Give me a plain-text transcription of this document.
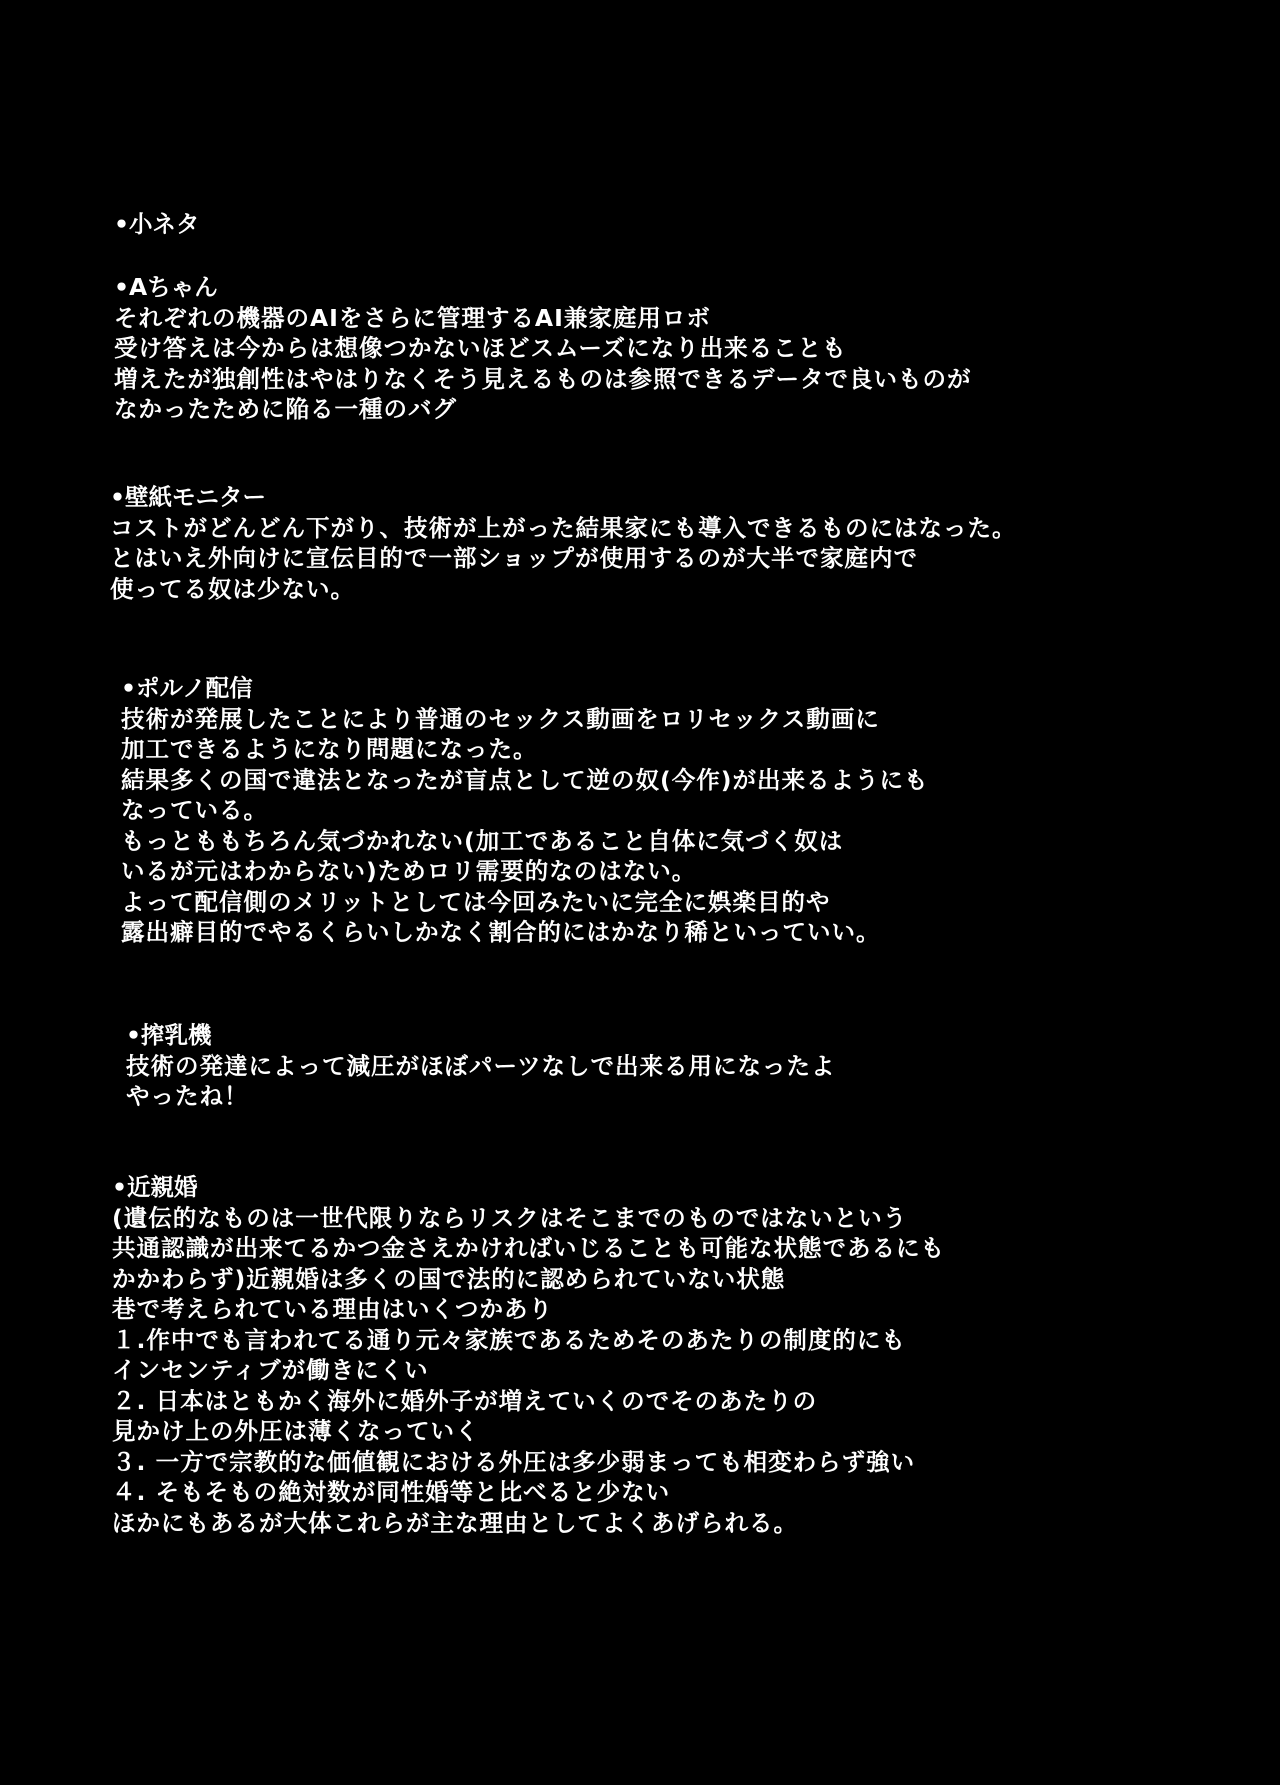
•小ネタ
•Aちゃん
それぞれの機器のAIをさらに管理するAI兼家庭用ロボ
受け答えは今からは想像つかないほどスムーズになり出来ることも
増えたが独創性はやはりなくそう見えるものは参照できるデータで良いものが
なかったために陥る一種のバグ
•壁紙モニター
コストがどんどん下がり、技術が上がった結果家にも導入できるものにはなった。
とはいえ外向けに宣伝目的で一部ショップが使用するのが大半で家庭内で
使ってる奴は少ない。
•ポルノ配信
技術が発展したことにより普通のセックス動画をロリセックス動画に
加工できるようになり問題になった。
結果多くの国で違法となったが盲点として逆の奴(今作)が出来るようにも
なっている。
もっとももちろん気づかれない(加工であること自体に気づく奴は
いるが元はわからない)ためロリ需要的なのはない。
よって配信側のメリットとしては今回みたいに完全に娯楽目的や
露出癖目的でやるくらいしかなく割合的にはかなり稀といっていい。
•搾乳機
技術の発達によって減圧がほぼパーツなしで出来る用になったよ
やったね！
•近親婚
(遺伝的なものは一世代限りならリスクはそこまでのものではないという
共通認識が出来てるかつ金さえかければいじることも可能な状態であるにも
かかわらず)近親婚は多くの国で法的に認められていない状態
巷で考えられている理由はいくつかあり
１.作中でも言われてる通り元々家族であるためそのあたりの制度的にも
インセンティブが働きにくい
２. 日本はともかく海外に婚外子が増えていくのでそのあたりの
見かけ上の外圧は薄くなっていく
３. 一方で宗教的な価値観における外圧は多少弱まっても相変わらず強い
４. そもそもの絶対数が同性婚等と比べると少ない
ほかにもあるが大体これらが主な理由としてよくあげられる。
